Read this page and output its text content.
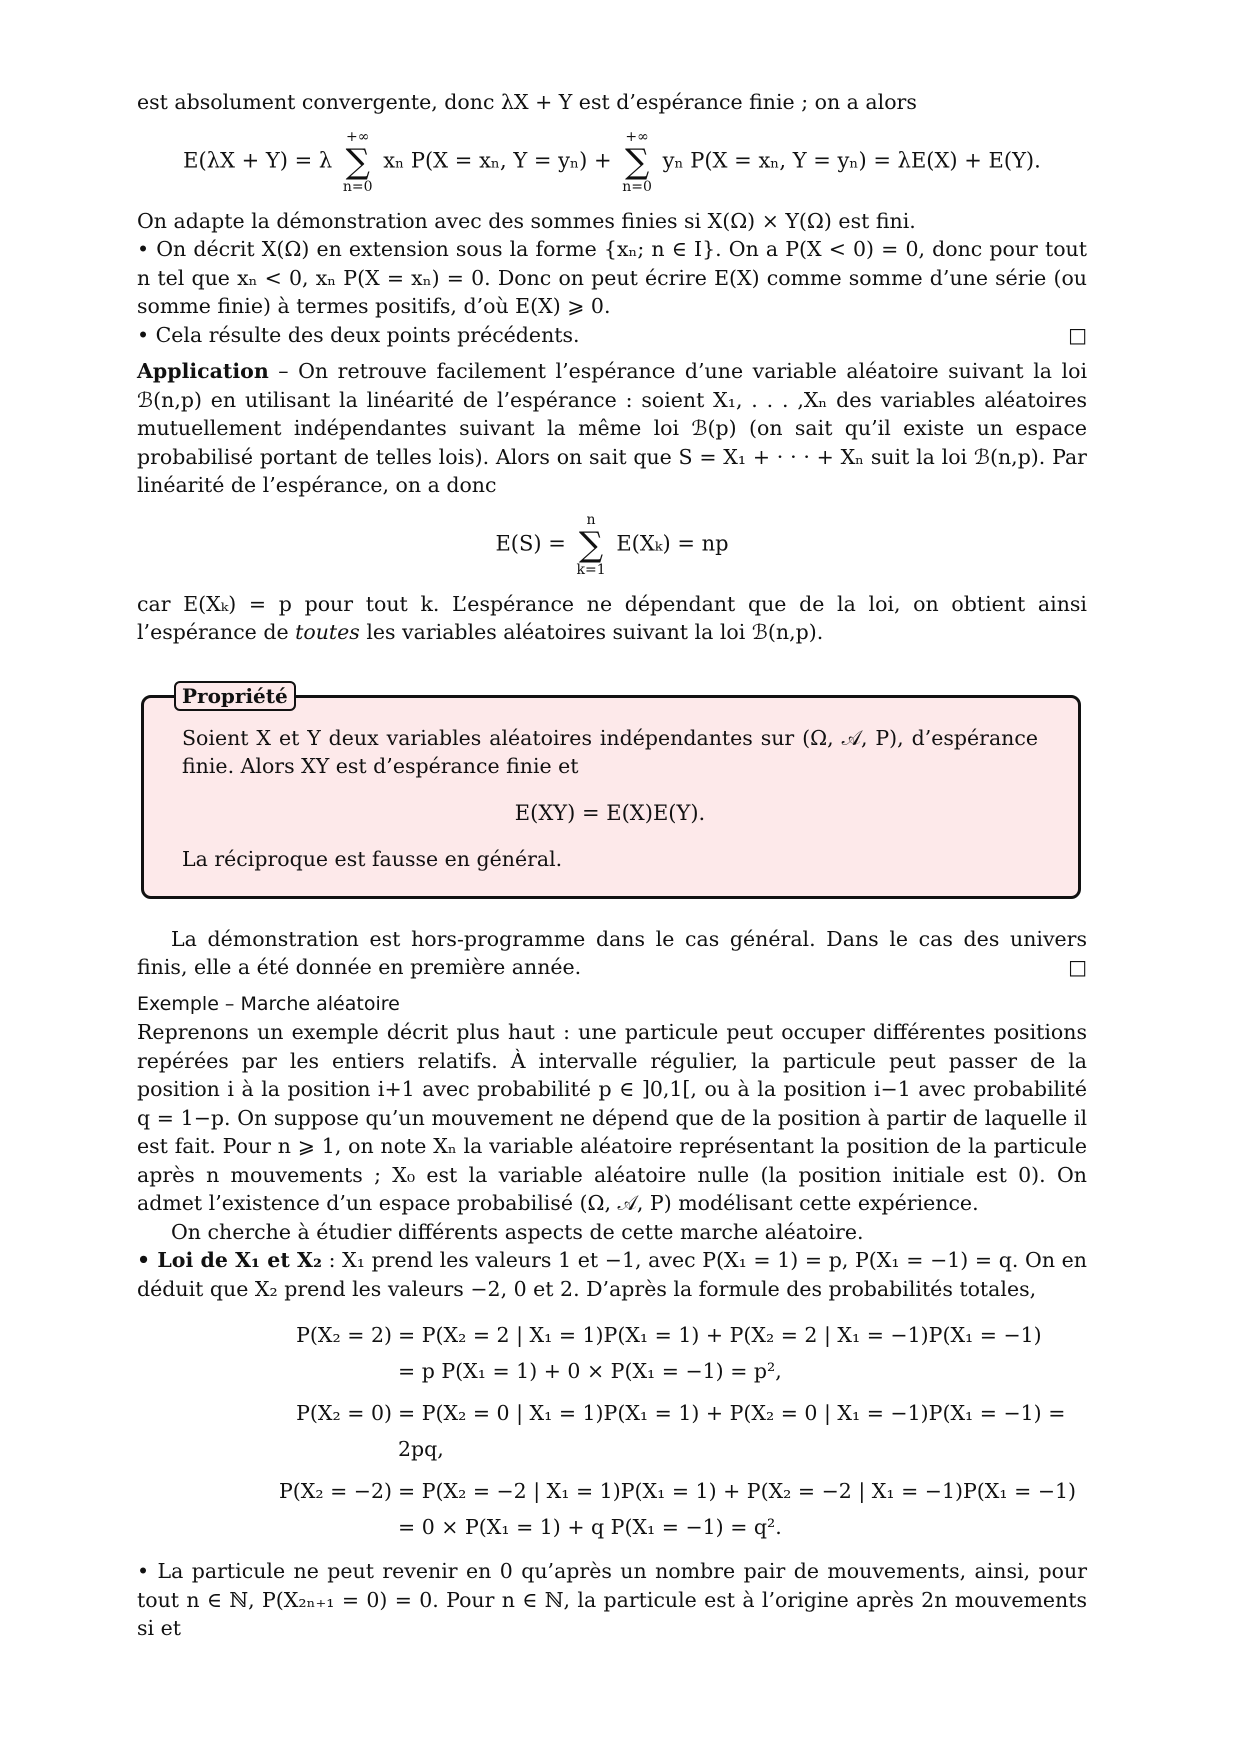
est absolument convergente, donc λX + Y est d’espérance finie ; on a alors

E(λX + Y) = λ
+∞
∑
n=0
xₙ P(X = xₙ, Y = yₙ) +
+∞
∑
n=0
yₙ P(X = xₙ, Y = yₙ) = λE(X) + E(Y).

On adapte la démonstration avec des sommes finies si X(Ω) × Y(Ω) est fini.

• On décrit X(Ω) en extension sous la forme {xₙ; n ∈ I}. On a P(X < 0) = 0, donc pour tout n tel que xₙ < 0, xₙ P(X = xₙ) = 0. Donc on peut écrire E(X) comme somme d’une série (ou somme finie) à termes positifs, d’où E(X) ⩾ 0.

• Cela résulte des deux points précédents.	□

Application – On retrouve facilement l’espérance d’une variable aléatoire suivant la loi ℬ(n,p) en utilisant la linéarité de l’espérance : soient X₁, . . . ,Xₙ des variables aléatoires mutuellement indépendantes suivant la même loi ℬ(p) (on sait qu’il existe un espace probabilisé portant de telles lois). Alors on sait que S = X₁ + · · · + Xₙ suit la loi ℬ(n,p). Par linéarité de l’espérance, on a donc

E(S) =
n
∑
k=1
E(Xₖ) = np

car E(Xₖ) = p pour tout k. L’espérance ne dépendant que de la loi, on obtient ainsi l’espérance de toutes les variables aléatoires suivant la loi ℬ(n,p).

Propriété

Soient X et Y deux variables aléatoires indépendantes sur (Ω, 𝒜, P), d’espérance finie. Alors XY est d’espérance finie et

E(XY) = E(X)E(Y).

La réciproque est fausse en général.

La démonstration est hors-programme dans le cas général. Dans le cas des univers finis, elle a été donnée en première année.	□

Exemple – Marche aléatoire

Reprenons un exemple décrit plus haut : une particule peut occuper différentes positions repérées par les entiers relatifs. À intervalle régulier, la particule peut passer de la position i à la position i+1 avec probabilité p ∈ ]0,1[, ou à la position i−1 avec probabilité q = 1−p. On suppose qu’un mouvement ne dépend que de la position à partir de laquelle il est fait. Pour n ⩾ 1, on note Xₙ la variable aléatoire représentant la position de la particule après n mouvements ; X₀ est la variable aléatoire nulle (la position initiale est 0). On admet l’existence d’un espace probabilisé (Ω, 𝒜, P) modélisant cette expérience.

On cherche à étudier différents aspects de cette marche aléatoire.

• Loi de X₁ et X₂ : X₁ prend les valeurs 1 et −1, avec P(X₁ = 1) = p, P(X₁ = −1) = q. On en déduit que X₂ prend les valeurs −2, 0 et 2. D’après la formule des probabilités totales,

P(X₂ = 2) = P(X₂ = 2 | X₁ = 1)P(X₁ = 1) + P(X₂ = 2 | X₁ = −1)P(X₁ = −1)
= p P(X₁ = 1) + 0 × P(X₁ = −1) = p²,
P(X₂ = 0) = P(X₂ = 0 | X₁ = 1)P(X₁ = 1) + P(X₂ = 0 | X₁ = −1)P(X₁ = −1) = 2pq,
P(X₂ = −2) = P(X₂ = −2 | X₁ = 1)P(X₁ = 1) + P(X₂ = −2 | X₁ = −1)P(X₁ = −1)
= 0 × P(X₁ = 1) + q P(X₁ = −1) = q².

• La particule ne peut revenir en 0 qu’après un nombre pair de mouvements, ainsi, pour tout n ∈ ℕ, P(X₂ₙ₊₁ = 0) = 0. Pour n ∈ ℕ, la particule est à l’origine après 2n mouvements si et
